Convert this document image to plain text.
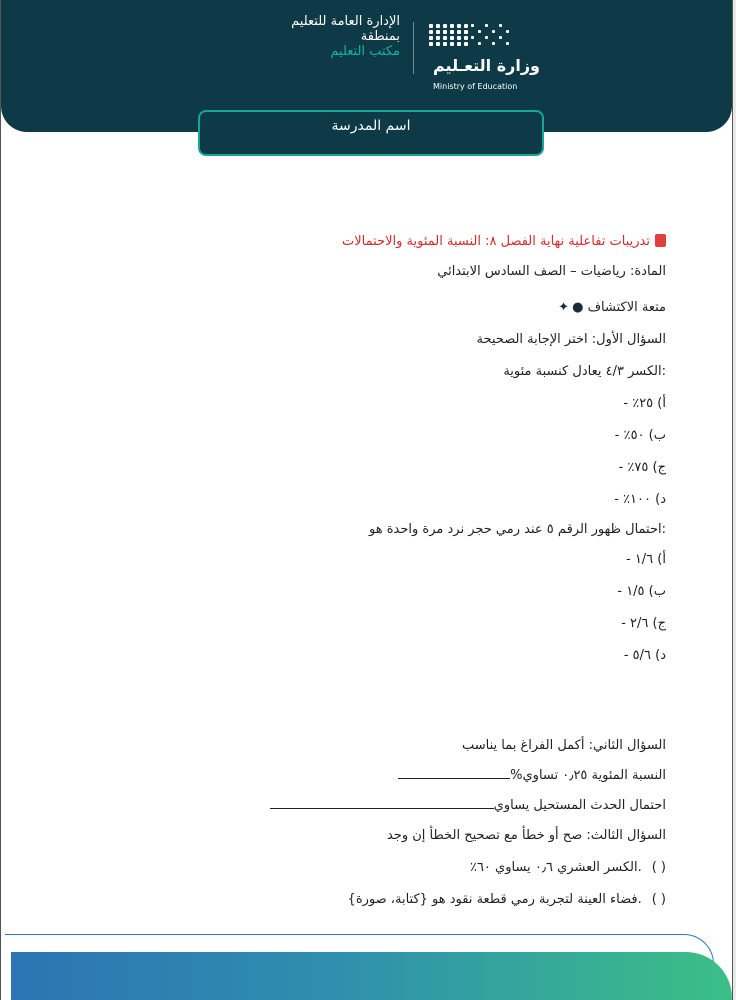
وزارة التعـليم
Ministry of Education
الإدارة العامة للتعليم
بمنطقة
مكتب التعليم
اسم المدرسة
تدريبات تفاعلية نهاية الفصل ٨: النسبة المئوية والاحتمالات
المادة: رياضيات – الصف السادس الابتدائي
متعة الاكتشاف ●✦
السؤال الأول: اختر الإجابة الصحيحة
:الكسر ٤/٣ يعادل كنسبة مئوية
أ) ٢٥٪ -
ب) ٥٠٪ -
ج) ٧٥٪ -
د) ١٠٠٪ -
:احتمال ظهور الرقم ٥ عند رمي حجر نرد مرة واحدة هو
أ) ١/٦ -
ب) ١/٥ -
ج) ٢/٦ -
د) ٥/٦ -
السؤال الثاني: أكمل الفراغ بما يناسب
النسبة المئوية ٠٫٢٥ تساوي%
احتمال الحدث المستحيل يساوي
السؤال الثالث: صح أو خطأ مع تصحيح الخطأ إن وجد
( ).الكسر العشري ٠٫٦ يساوي ٦٠٪
( ).فضاء العينة لتجربة رمي قطعة نقود هو {كتابة، صورة}
